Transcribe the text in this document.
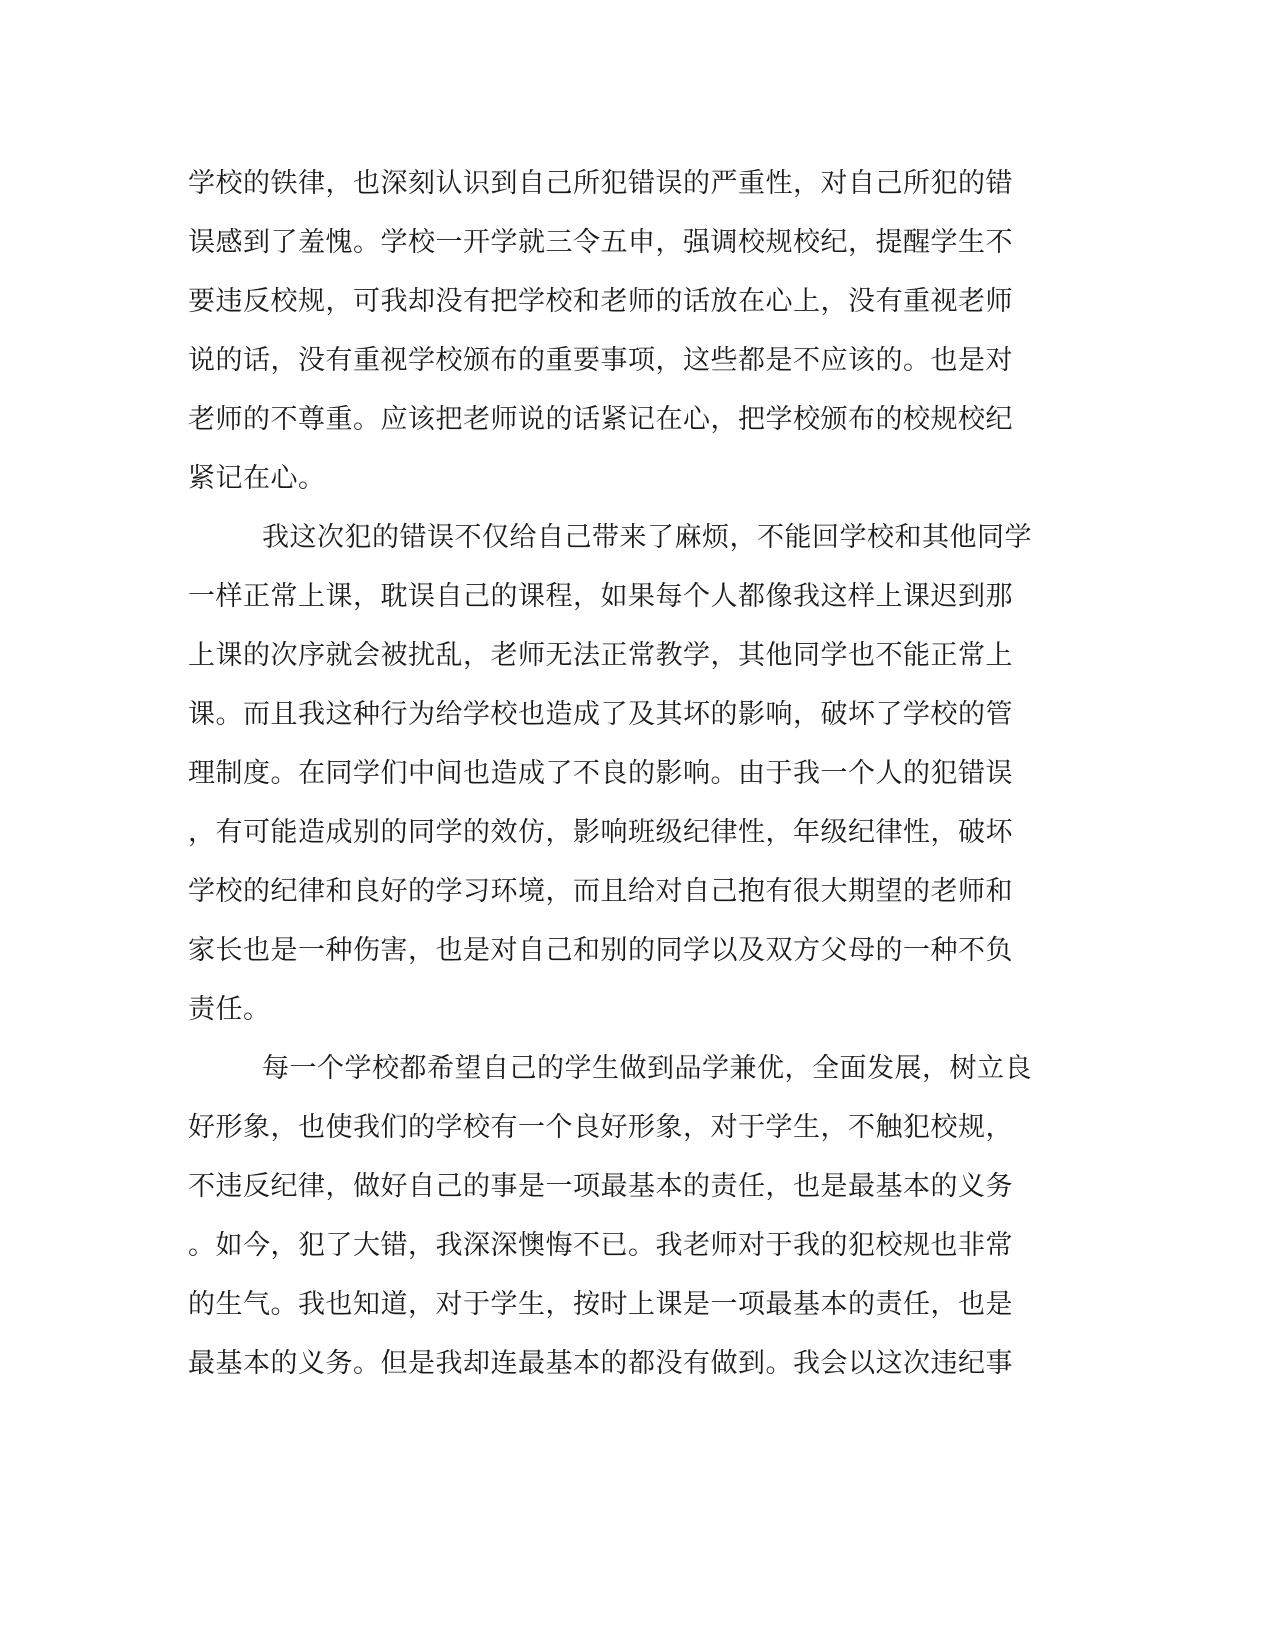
学校的铁律，也深刻认识到自己所犯错误的严重性，对自己所犯的错
误感到了羞愧。学校一开学就三令五申，强调校规校纪，提醒学生不
要违反校规，可我却没有把学校和老师的话放在心上，没有重视老师
说的话，没有重视学校颁布的重要事项，这些都是不应该的。也是对
老师的不尊重。应该把老师说的话紧记在心，把学校颁布的校规校纪
紧记在心。
我这次犯的错误不仅给自己带来了麻烦，不能回学校和其他同学
一样正常上课，耽误自己的课程，如果每个人都像我这样上课迟到那
上课的次序就会被扰乱，老师无法正常教学，其他同学也不能正常上
课。而且我这种行为给学校也造成了及其坏的影响，破坏了学校的管
理制度。在同学们中间也造成了不良的影响。由于我一个人的犯错误
，有可能造成别的同学的效仿，影响班级纪律性，年级纪律性，破坏
学校的纪律和良好的学习环境，而且给对自己抱有很大期望的老师和
家长也是一种伤害，也是对自己和别的同学以及双方父母的一种不负
责任。
每一个学校都希望自己的学生做到品学兼优，全面发展，树立良
好形象，也使我们的学校有一个良好形象，对于学生，不触犯校规，
不违反纪律，做好自己的事是一项最基本的责任，也是最基本的义务
。如今，犯了大错，我深深懊悔不已。我老师对于我的犯校规也非常
的生气。我也知道，对于学生，按时上课是一项最基本的责任，也是
最基本的义务。但是我却连最基本的都没有做到。我会以这次违纪事
